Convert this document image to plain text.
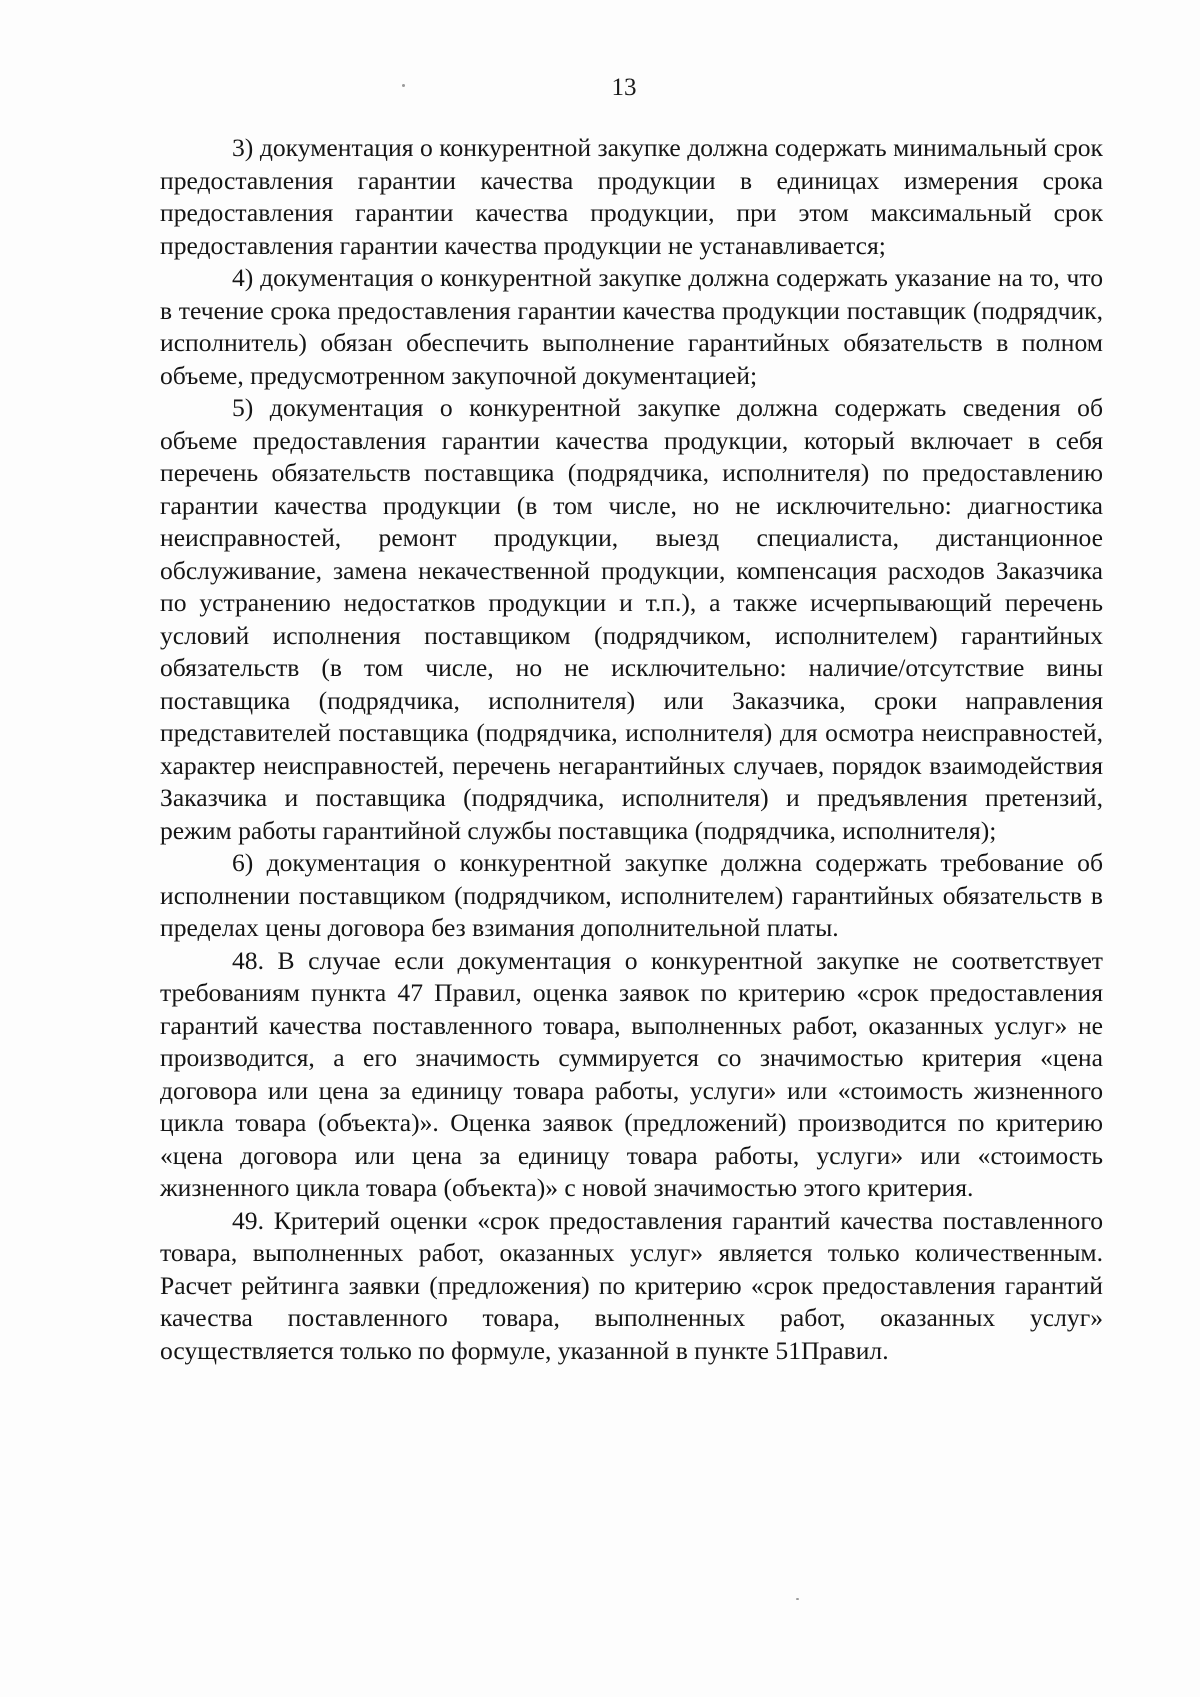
13

3) документация о конкурентной закупке должна содержать минимальный срок предоставления гарантии качества продукции в единицах измерения срока предоставления гарантии качества продукции, при этом максимальный срок предоставления гарантии качества продукции не устанавливается;

4) документация о конкурентной закупке должна содержать указание на то, что в течение срока предоставления гарантии качества продукции поставщик (подрядчик, исполнитель) обязан обеспечить выполнение гарантийных обязательств в полном объеме, предусмотренном закупочной документацией;

5) документация о конкурентной закупке должна содержать сведения об объеме предоставления гарантии качества продукции, который включает в себя перечень обязательств поставщика (подрядчика, исполнителя) по предоставлению гарантии качества продукции (в том числе, но не исключительно: диагностика неисправностей, ремонт продукции, выезд специалиста, дистанционное обслуживание, замена некачественной продукции, компенсация расходов Заказчика по устранению недостатков продукции и т.п.), а также исчерпывающий перечень условий исполнения поставщиком (подрядчиком, исполнителем) гарантийных обязательств (в том числе, но не исключительно: наличие/отсутствие вины поставщика (подрядчика, исполнителя) или Заказчика, сроки направления представителей поставщика (подрядчика, исполнителя) для осмотра неисправностей, характер неисправностей, перечень негарантийных случаев, порядок взаимодействия Заказчика и поставщика (подрядчика, исполнителя) и предъявления претензий, режим работы гарантийной службы поставщика (подрядчика, исполнителя);

6) документация о конкурентной закупке должна содержать требование об исполнении поставщиком (подрядчиком, исполнителем) гарантийных обязательств в пределах цены договора без взимания дополнительной платы.

48. В случае если документация о конкурентной закупке не соответствует требованиям пункта 47 Правил, оценка заявок по критерию «срок предоставления гарантий качества поставленного товара, выполненных работ, оказанных услуг» не производится, а его значимость суммируется со значимостью критерия «цена договора или цена за единицу товара работы, услуги» или «стоимость жизненного цикла товара (объекта)». Оценка заявок (предложений) производится по критерию «цена договора или цена за единицу товара работы, услуги» или «стоимость жизненного цикла товара (объекта)» с новой значимостью этого критерия.

49. Критерий оценки «срок предоставления гарантий качества поставленного товара, выполненных работ, оказанных услуг» является только количественным. Расчет рейтинга заявки (предложения) по критерию «срок предоставления гарантий качества поставленного товара, выполненных работ, оказанных услуг» осуществляется только по формуле, указанной в пункте 51Правил.
